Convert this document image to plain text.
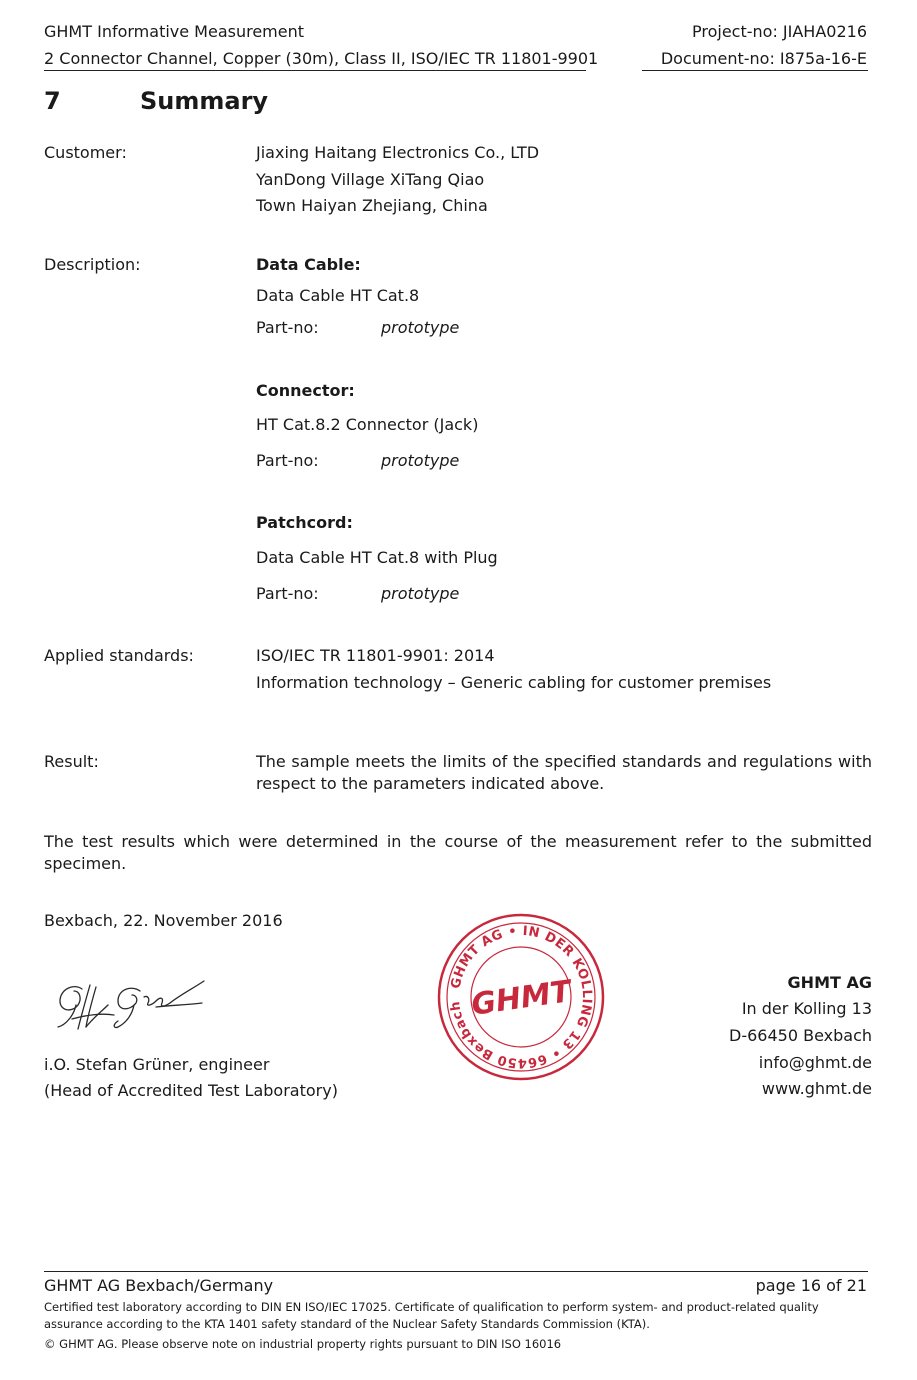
GHMT Informative Measurement
2 Connector Channel, Copper (30m), Class II, ISO/IEC TR 11801-9901
Project-no: JIAHA0216
Document-no: I875a-16-E
7	Summary
Customer:	Jiaxing Haitang Electronics Co., LTD
YanDong Village XiTang Qiao
Town Haiyan Zhejiang, China
Description:	Data Cable:
Data Cable HT Cat.8
Part-no:	prototype
Connector:
HT Cat.8.2 Connector (Jack)
Part-no:	prototype
Patchcord:
Data Cable HT Cat.8 with Plug
Part-no:	prototype
Applied standards:	ISO/IEC TR 11801-9901: 2014
Information technology – Generic cabling for customer premises
Result:	The sample meets the limits of the specified standards and regulations with respect to the parameters indicated above.
The test results which were determined in the course of the measurement refer to the submitted specimen.
Bexbach, 22. November 2016
i.O. Stefan Grüner, engineer
(Head of Accredited Test Laboratory)
GHMT AG • IN DER KOLLING 13 • 66450 Bexbach GHMT	GHMT AG
In der Kolling 13
D-66450 Bexbach
info@ghmt.de
www.ghmt.de
GHMT AG Bexbach/Germany	page 16 of 21
Certified test laboratory according to DIN EN ISO/IEC 17025. Certificate of qualification to perform system- and product-related quality
assurance according to the KTA 1401 safety standard of the Nuclear Safety Standards Commission (KTA).
© GHMT AG. Please observe note on industrial property rights pursuant to DIN ISO 16016
